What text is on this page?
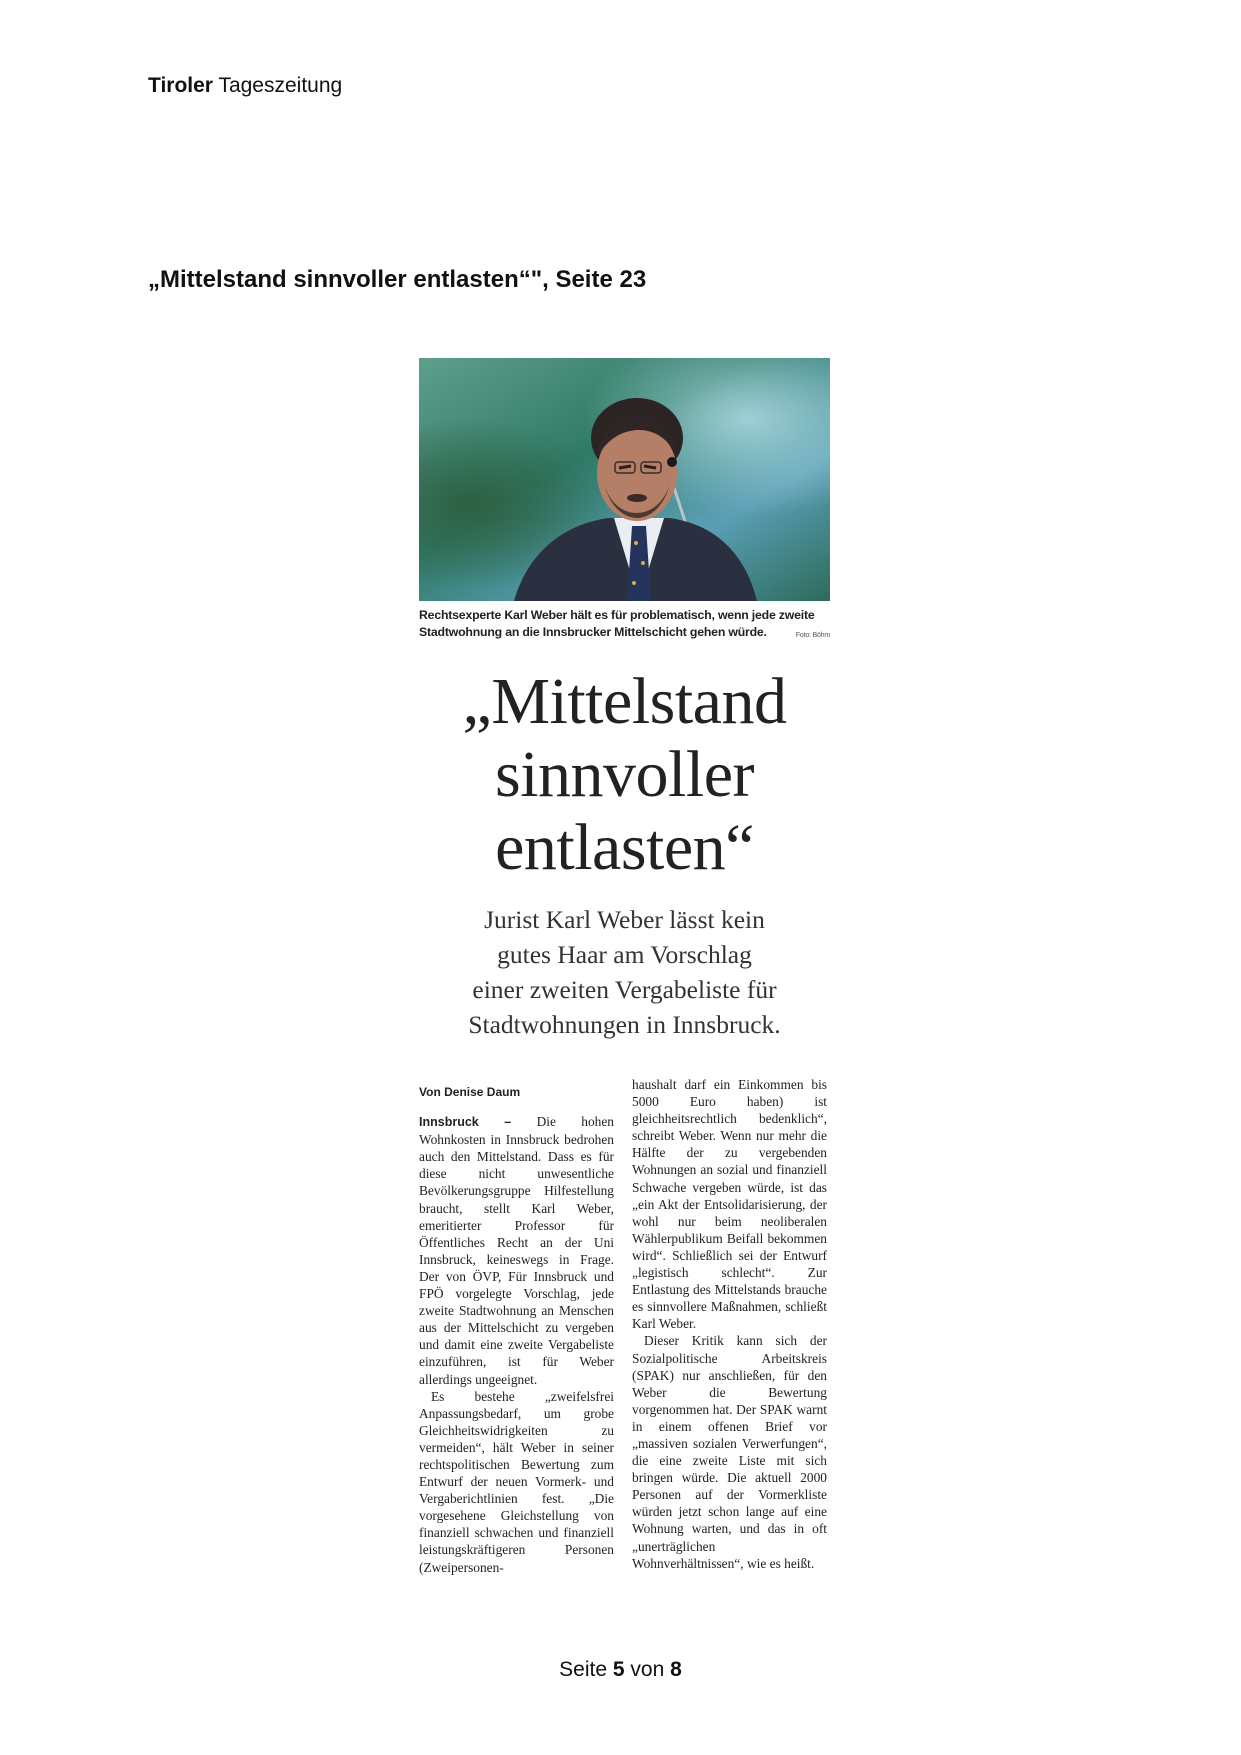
Tiroler Tageszeitung
„Mittelstand sinnvoller entlasten“", Seite 23
Rechtsexperte Karl Weber hält es für problematisch, wenn jede zweite Stadtwohnung an die Innsbrucker Mittelschicht gehen würde.	Foto: Böhm
„Mittelstand
sinnvoller
entlasten“
Jurist Karl Weber lässt kein
gutes Haar am Vorschlag
einer zweiten Vergabeliste für
Stadtwohnungen in Innsbruck.

Von Denise Daum

Innsbruck – Die hohen Wohnkosten in Innsbruck bedrohen auch den Mittelstand. Dass es für diese nicht unwesentliche Bevölkerungsgruppe Hilfestellung braucht, stellt Karl Weber, emeritierter Professor für Öffentliches Recht an der Uni Innsbruck, keineswegs in Frage. Der von ÖVP, Für Innsbruck und FPÖ vorgelegte Vorschlag, jede zweite Stadtwohnung an Menschen aus der Mittelschicht zu vergeben und damit eine zweite Vergabeliste einzuführen, ist für Weber allerdings ungeeignet.

Es bestehe „zweifelsfrei Anpassungsbedarf, um grobe Gleichheitswidrigkeiten zu vermeiden“, hält Weber in seiner rechtspolitischen Bewertung zum Entwurf der neuen Vormerk- und Vergaberichtlinien fest. „Die vorgesehene Gleichstellung von finanziell schwachen und finanziell leistungskräftigeren Personen (Zweipersonen-

haushalt darf ein Einkommen bis 5000 Euro haben) ist gleichheitsrechtlich bedenklich“, schreibt Weber. Wenn nur mehr die Hälfte der zu vergebenden Wohnungen an sozial und finanziell Schwache vergeben würde, ist das „ein Akt der Entsolidarisierung, der wohl nur beim neoliberalen Wählerpublikum Beifall bekommen wird“. Schließlich sei der Entwurf „legistisch schlecht“. Zur Entlastung des Mittelstands brauche es sinnvollere Maßnahmen, schließt Karl Weber.

Dieser Kritik kann sich der Sozialpolitische Arbeitskreis (SPAK) nur anschließen, für den Weber die Bewertung vorgenommen hat. Der SPAK warnt in einem offenen Brief vor „massiven sozialen Verwerfungen“, die eine zweite Liste mit sich bringen würde. Die aktuell 2000 Personen auf der Vormerkliste würden jetzt schon lange auf eine Wohnung warten, und das in oft „unerträglichen Wohnverhältnissen“, wie es heißt.

Seite 5 von 8
